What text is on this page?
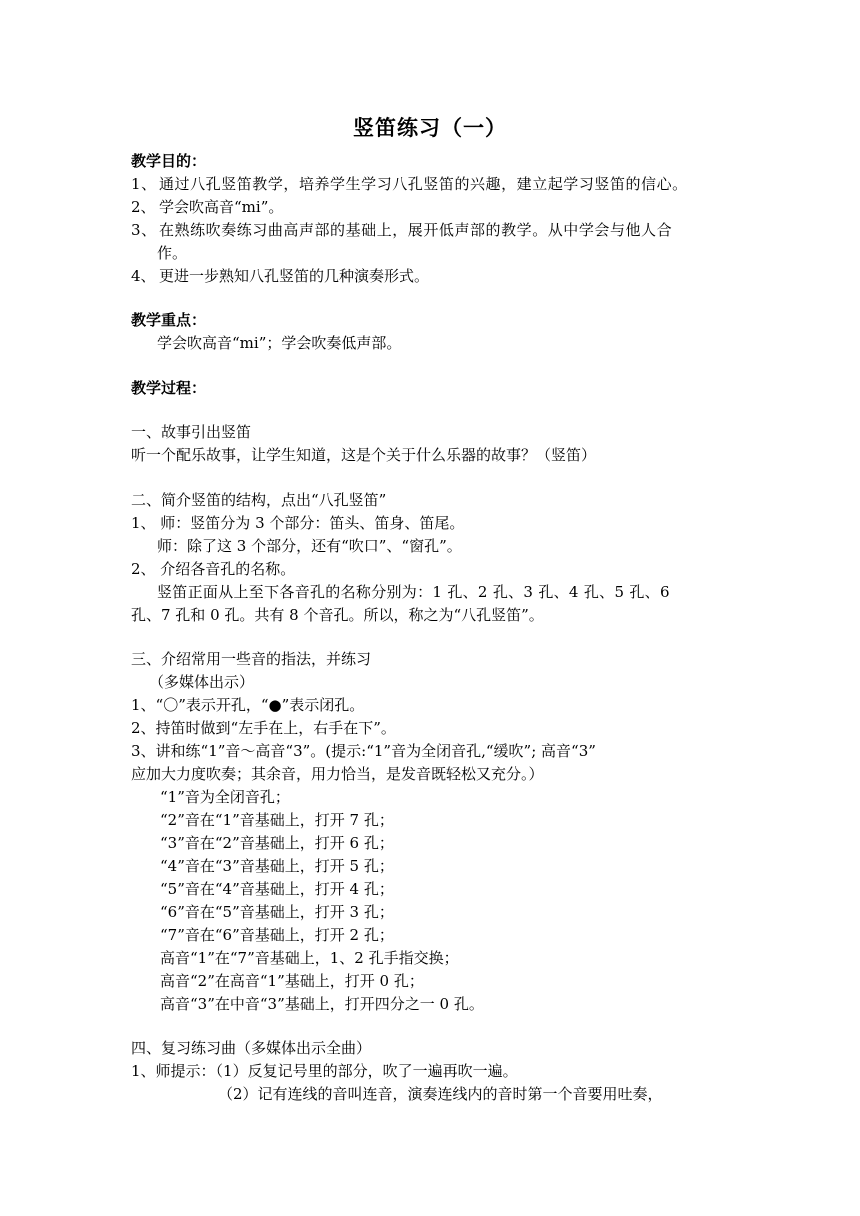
竖笛练习（一）
教学目的：
1、 通过八孔竖笛教学，培养学生学习八孔竖笛的兴趣，建立起学习竖笛的信心。
2、 学会吹高音“mi”。
3、 在熟练吹奏练习曲高声部的基础上，展开低声部的教学。从中学会与他人合
作。
4、 更进一步熟知八孔竖笛的几种演奏形式。
教学重点：
学会吹高音“mi”；学会吹奏低声部。
教学过程：
一、故事引出竖笛
听一个配乐故事，让学生知道，这是个关于什么乐器的故事？（竖笛）
二、简介竖笛的结构，点出“八孔竖笛”
1、 师：竖笛分为 3 个部分：笛头、笛身、笛尾。
师：除了这 3 个部分，还有“吹口”、“窗孔”。
2、 介绍各音孔的名称。
竖笛正面从上至下各音孔的名称分别为：1 孔、2 孔、3 孔、4 孔、5 孔、6
孔、7 孔和 0 孔。共有 8 个音孔。所以，称之为“八孔竖笛”。
三、介绍常用一些音的指法，并练习
（多媒体出示）
1、“〇”表示开孔，“●”表示闭孔。
2、持笛时做到“左手在上，右手在下”。
3、讲和练“1”音～高音“3”。(提示:“1”音为全闭音孔,“缓吹”; 高音“3”
应加大力度吹奏；其余音，用力恰当，是发音既轻松又充分。）
“1”音为全闭音孔；
“2”音在“1”音基础上，打开 7 孔；
“3”音在“2”音基础上，打开 6 孔；
“4”音在“3”音基础上，打开 5 孔；
“5”音在“4”音基础上，打开 4 孔；
“6”音在“5”音基础上，打开 3 孔；
“7”音在“6”音基础上，打开 2 孔；
高音“1”在“7”音基础上，1、2 孔手指交换；
高音“2”在高音“1”基础上，打开 0 孔；
高音“3”在中音“3”基础上，打开四分之一 0 孔。
四、复习练习曲（多媒体出示全曲）
1、师提示：（1）反复记号里的部分，吹了一遍再吹一遍。
（2）记有连线的音叫连音，演奏连线内的音时第一个音要用吐奏，
